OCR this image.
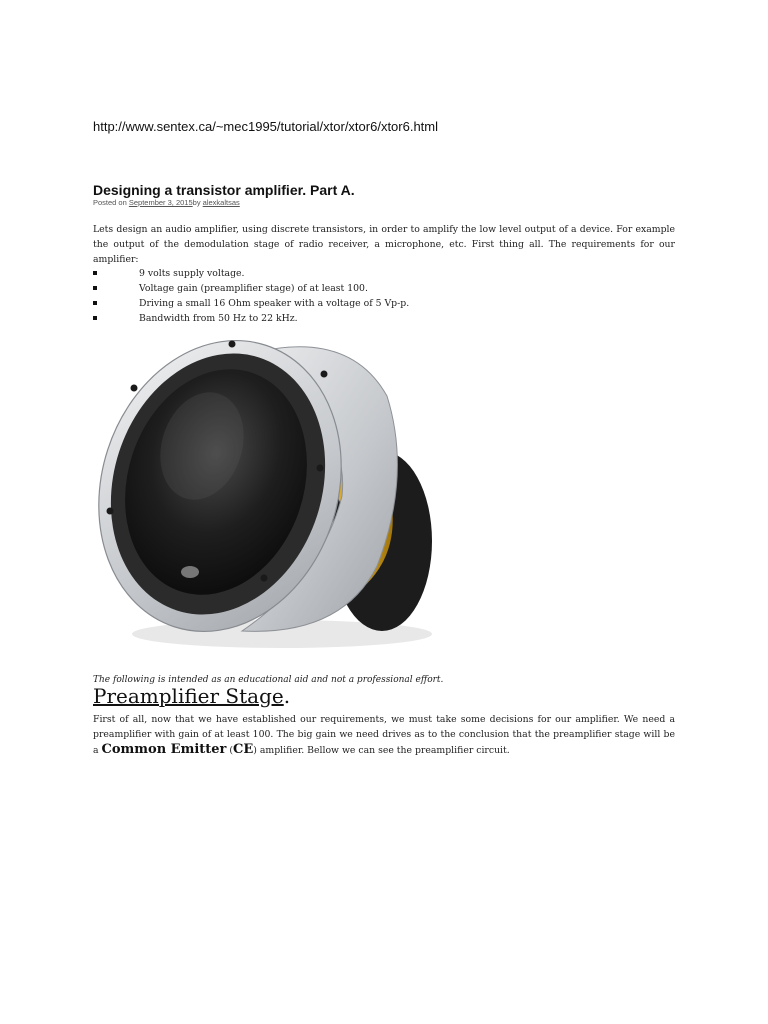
http://www.sentex.ca/~mec1995/tutorial/xtor/xtor6/xtor6.html
Designing a transistor amplifier. Part A.
Posted on September 3, 2015by alexkaltsas

Lets design an audio amplifier, using discrete transistors, in order to amplify the low level output of a device. For example the output of the demodulation stage of radio receiver, a microphone, etc. First thing all. The requirements for our amplifier:

9 volts supply voltage.
Voltage gain (preamplifier stage) of at least 100.
Driving a small 16 Ohm speaker with a voltage of 5 Vp-p.
Bandwidth from 50 Hz to 22 kHz.
The following is intended as an educational aid and not a professional effort.
Preamplifier Stage.

First of all, now that we have established our requirements, we must take some decisions for our amplifier. We need a preamplifier with gain of at least 100. The big gain we need drives as to the conclusion that the preamplifier stage will be a Common Emitter (CE) amplifier. Bellow we can see the preamplifier circuit.
